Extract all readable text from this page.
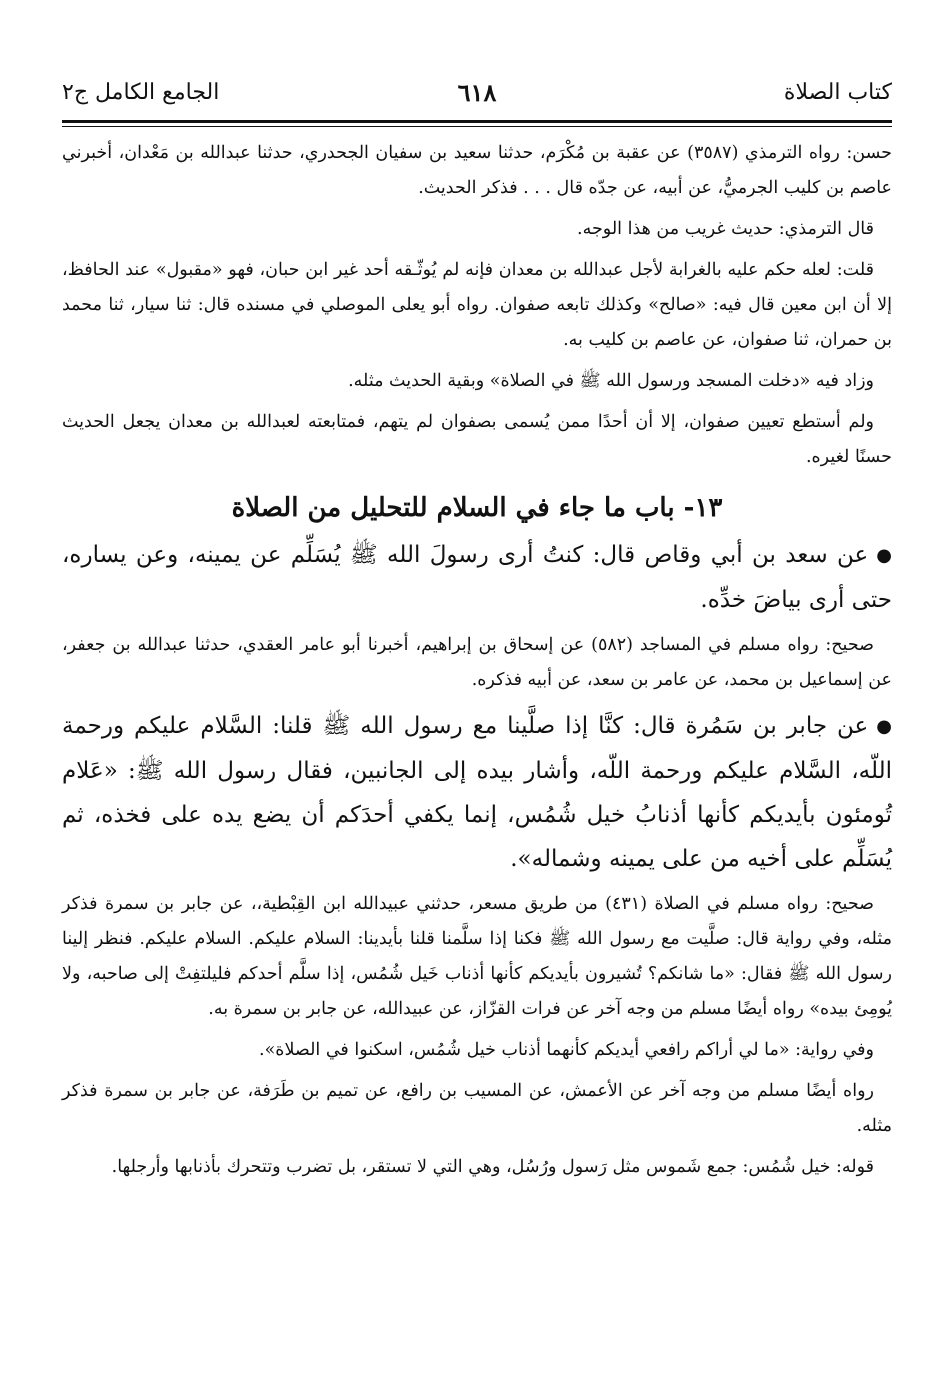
كتاب الصلاة
٦١٨
الجامع الكامل ج٢

حسن: رواه الترمذي (٣٥٨٧) عن عقبة بن مُكْرَم، حدثنا سعيد بن سفيان الجحدري، حدثنا عبدالله بن مَعْدان، أخبرني عاصم بن كليب الجرميُّ، عن أبيه، عن جدّه قال . . . فذكر الحديث.

قال الترمذي: حديث غريب من هذا الوجه.

قلت: لعله حكم عليه بالغرابة لأجل عبدالله بن معدان فإنه لم يُوثّـقه أحد غير ابن حبان، فهو «مقبول» عند الحافظ، إلا أن ابن معين قال فيه: «صالح» وكذلك تابعه صفوان. رواه أبو يعلى الموصلي في مسنده قال: ثنا سيار، ثنا محمد بن حمران، ثنا صفوان، عن عاصم بن كليب به.

وزاد فيه «دخلت المسجد ورسول الله ﷺ في الصلاة» وبقية الحديث مثله.

ولم أستطع تعيين صفوان، إلا أن أحدًا ممن يُسمى بصفوان لم يتهم، فمتابعته لعبدالله بن معدان يجعل الحديث حسنًا لغيره.

١٣- باب ما جاء في السلام للتحليل من الصلاة

●عن سعد بن أبي وقاص قال: كنتُ أرى رسولَ الله ﷺ يُسَلِّم عن يمينه، وعن يساره، حتى أرى بياضَ خدِّه.

صحيح: رواه مسلم في المساجد (٥٨٢) عن إسحاق بن إبراهيم، أخبرنا أبو عامر العقدي، حدثنا عبدالله بن جعفر، عن إسماعيل بن محمد، عن عامر بن سعد، عن أبيه فذكره.

●عن جابر بن سَمُرة قال: كنَّا إذا صلَّينا مع رسول الله ﷺ قلنا: السَّلام عليكم ورحمة اللّه، السَّلام عليكم ورحمة اللّه، وأشار بيده إلى الجانبين، فقال رسول الله ﷺ: «عَلام تُومئون بأيديكم كأنها أذنابُ خيل شُمُس، إنما يكفي أحدَكم أن يضع يده على فخذه، ثم يُسَلِّم على أخيه من على يمينه وشماله».

صحيح: رواه مسلم في الصلاة (٤٣١) من طريق مسعر، حدثني عبيدالله ابن القِبْطية،، عن جابر بن سمرة فذكر مثله، وفي رواية قال: صلَّيت مع رسول الله ﷺ فكنا إذا سلَّمنا قلنا بأيدينا: السلام عليكم. السلام عليكم. فنظر إلينا رسول الله ﷺ فقال: «ما شانكم؟ تُشيرون بأيديكم كأنها أذناب خَيل شُمُس، إذا سلَّم أحدكم فليلتفِتْ إلى صاحبه، ولا يُومِئ بيده» رواه أيضًا مسلم من وجه آخر عن فرات القزّاز، عن عبيدالله، عن جابر بن سمرة به.

وفي رواية: «ما لي أراكم رافعي أيديكم كأنهما أذناب خيل شُمُس، اسكنوا في الصلاة».

رواه أيضًا مسلم من وجه آخر عن الأعمش، عن المسيب بن رافع، عن تميم بن طَرَفة، عن جابر بن سمرة فذكر مثله.

قوله: خيل شُمُس: جمع شَموس مثل رَسول ورُسُل، وهي التي لا تستقر، بل تضرب وتتحرك بأذنابها وأرجلها.
